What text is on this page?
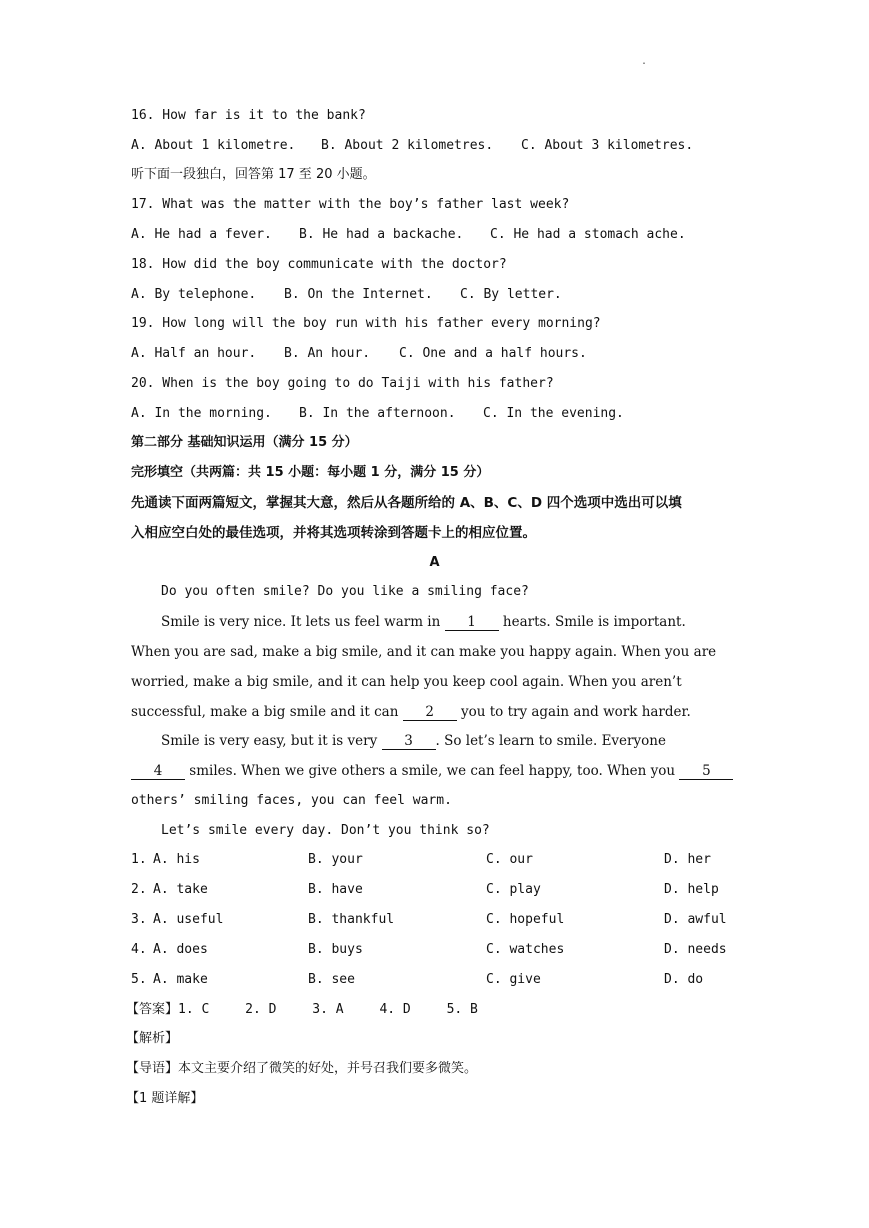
.
16. How far is it to the bank?
A. About 1 kilometre. B. About 2 kilometres. C. About 3 kilometres.
听下面一段独白，回答第 17 至 20 小题。
17. What was the matter with the boy’s father last week?
A. He had a fever. B. He had a backache. C. He had a stomach ache.
18. How did the boy communicate with the doctor?
A. By telephone. B. On the Internet. C. By letter.
19. How long will the boy run with his father every morning?
A. Half an hour. B. An hour. C. One and a half hours.
20. When is the boy going to do Taiji with his father?
A. In the morning. B. In the afternoon. C. In the evening.
第二部分 基础知识运用（满分 15 分）
完形填空（共两篇：共 15 小题：每小题 1 分，满分 15 分）
先通读下面两篇短文，掌握其大意，然后从各题所给的 A、B、C、D 四个选项中选出可以填
入相应空白处的最佳选项，并将其选项转涂到答题卡上的相应位置。
A
Do you often smile? Do you like a smiling face?
Smile is very nice. It lets us feel warm in 1 hearts. Smile is important.
When you are sad, make a big smile, and it can make you happy again. When you are
worried, make a big smile, and it can help you keep cool again. When you aren’t
successful, make a big smile and it can 2 you to try again and work harder.
Smile is very easy, but it is very 3 . So let’s learn to smile. Everyone
4 smiles. When we give others a smile, we can feel happy, too. When you 5
others’ smiling faces, you can feel warm.
Let’s smile every day. Don’t you think so?
1. A. his	B. your	C. our	D. her
2. A. take	B. have	C. play	D. help
3. A. useful	B. thankful	C. hopeful	D. awful
4. A. does	B. buys	C. watches	D. needs
5. A. make	B. see	C. give	D. do
【答案】1. C	2. D	3. A	4. D	5. B
【解析】
【导语】本文主要介绍了微笑的好处，并号召我们要多微笑。
【1 题详解】
